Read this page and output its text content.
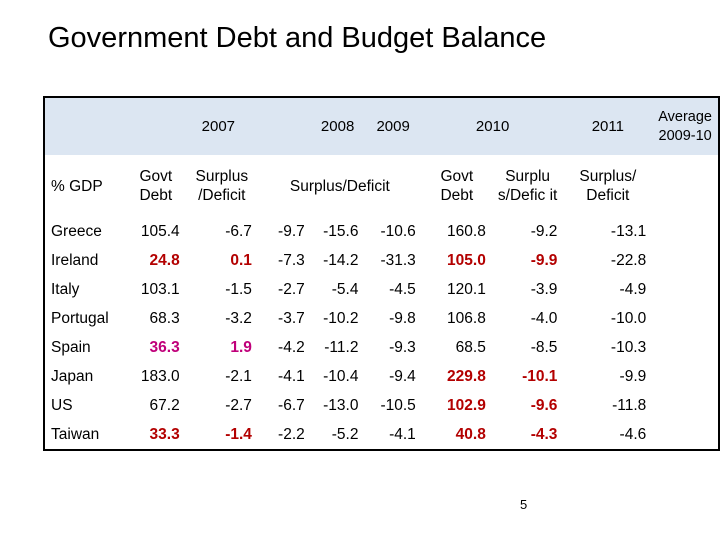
Government Debt and Budget Balance
	2007			2008	2009	2010		2011	Average 2009-10
% GDP	Govt Debt	Surplus /Deficit	Surplus/Deficit			Govt Debt	Surplu s/Defic it	Surplus/ Deficit	
Greece	105.4	-6.7	-9.7	-15.6	-10.6	160.8	-9.2	-13.1	
Ireland	24.8	0.1	-7.3	-14.2	-31.3	105.0	-9.9	-22.8	
Italy	103.1	-1.5	-2.7	-5.4	-4.5	120.1	-3.9	-4.9	
Portugal	68.3	-3.2	-3.7	-10.2	-9.8	106.8	-4.0	-10.0	
Spain	36.3	1.9	-4.2	-11.2	-9.3	68.5	-8.5	-10.3	
Japan	183.0	-2.1	-4.1	-10.4	-9.4	229.8	-10.1	-9.9	
US	67.2	-2.7	-6.7	-13.0	-10.5	102.9	-9.6	-11.8	
Taiwan	33.3	-1.4	-2.2	-5.2	-4.1	40.8	-4.3	-4.6	
5
